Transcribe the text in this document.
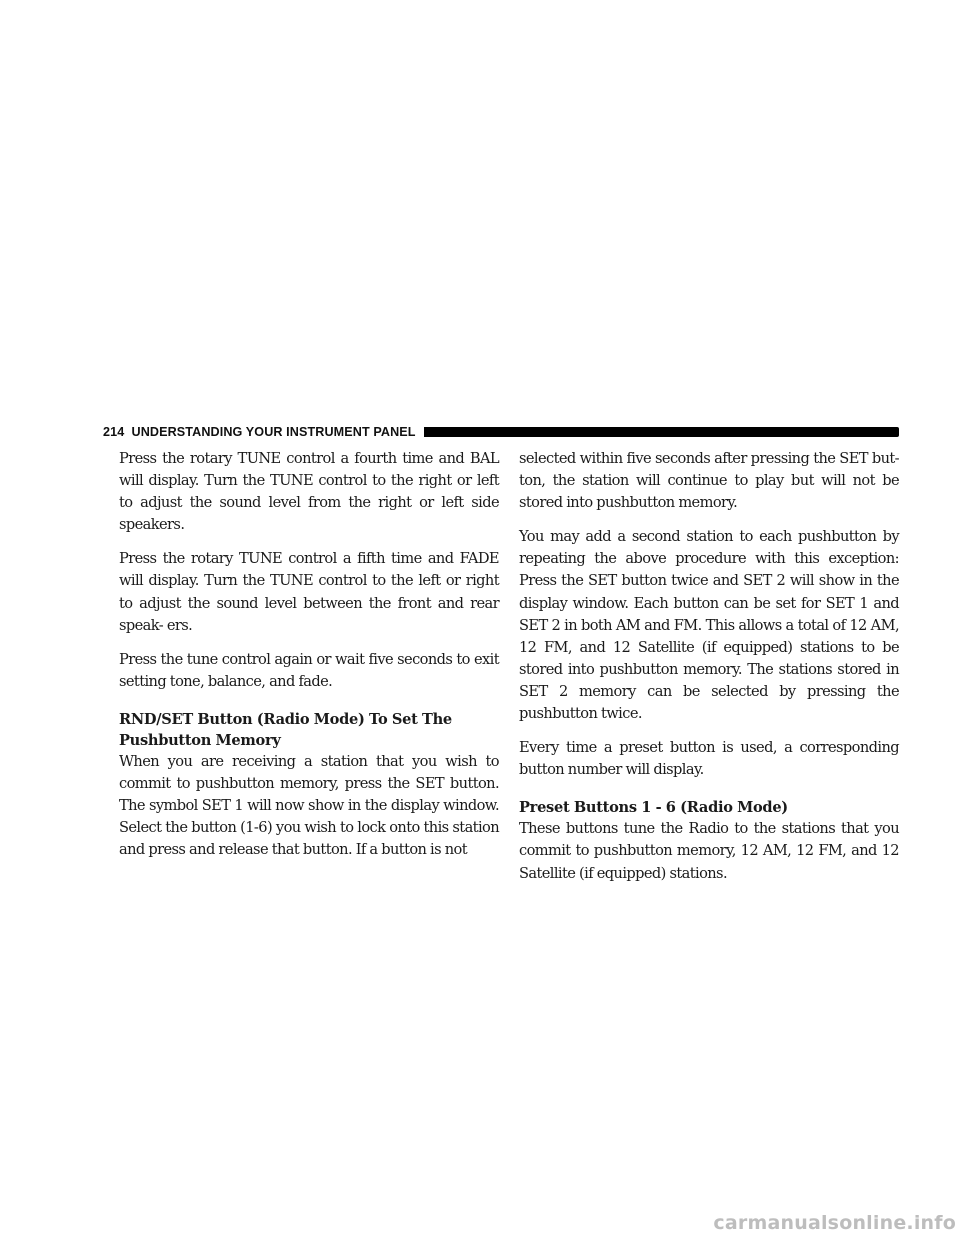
214
UNDERSTANDING YOUR INSTRUMENT PANEL

Press the rotary TUNE control a fourth time and BAL will display. Turn the TUNE control to the right or left to adjust the sound level from the right or left side speakers.

Press the rotary TUNE control a fifth time and FADE will display. Turn the TUNE control to the left or right to adjust the sound level between the front and rear speak- ers.

Press the tune control again or wait five seconds to exit setting tone, balance, and fade.

RND/SET Button (Radio Mode) To Set The
Pushbutton Memory

When you are receiving a station that you wish to commit to pushbutton memory, press the SET button. The symbol SET 1 will now show in the display window. Select the button (1-6) you wish to lock onto this station and press and release that button. If a button is not

selected within five seconds after pressing the SET but- ton, the station will continue to play but will not be stored into pushbutton memory.

You may add a second station to each pushbutton by repeating the above procedure with this exception: Press the SET button twice and SET 2 will show in the display window. Each button can be set for SET 1 and SET 2 in both AM and FM. This allows a total of 12 AM, 12 FM, and 12 Satellite (if equipped) stations to be stored into pushbutton memory. The stations stored in SET 2 memory can be selected by pressing the pushbutton twice.

Every time a preset button is used, a corresponding button number will display.

Preset Buttons 1 - 6 (Radio Mode)

These buttons tune the Radio to the stations that you commit to pushbutton memory, 12 AM, 12 FM, and 12 Satellite (if equipped) stations.

carmanualsonline.info
